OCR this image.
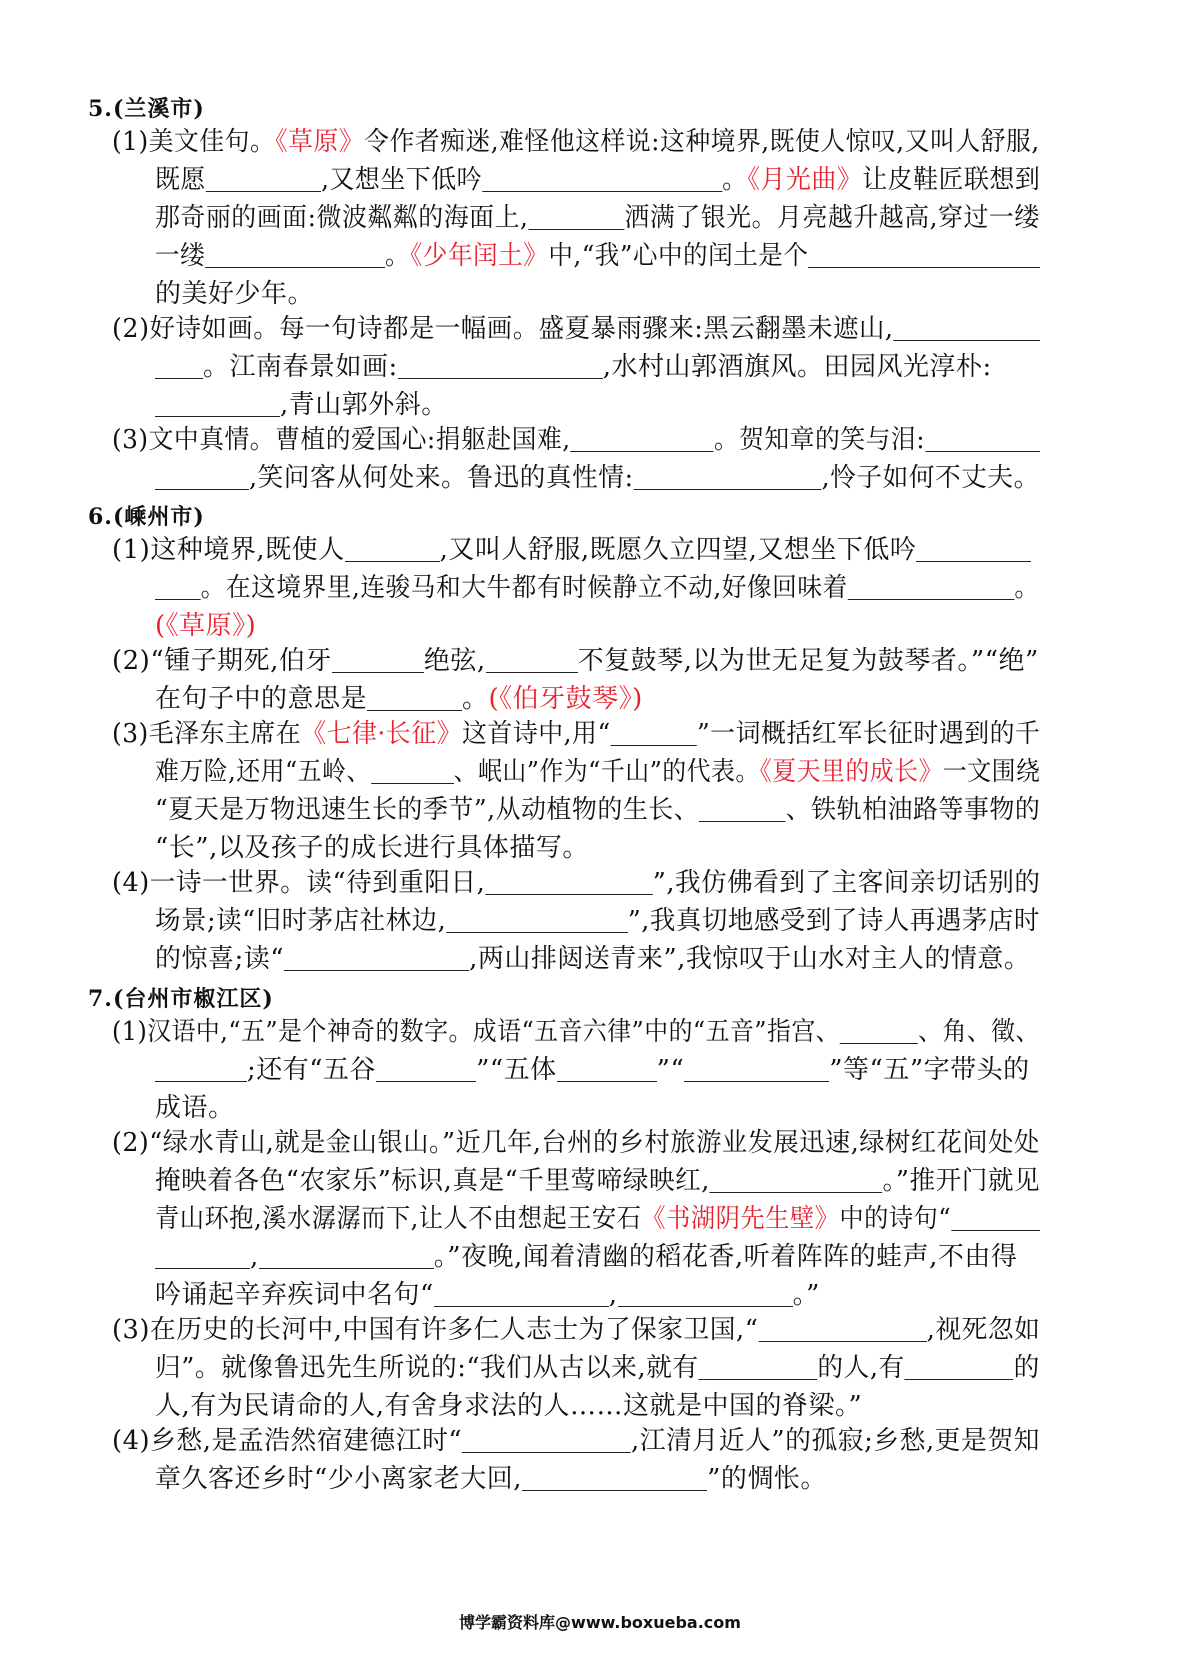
5.(兰溪市)
(1)美文佳句。《草原》令作者痴迷,难怪他这样说:这种境界,既使人惊叹,又叫人舒服,
既愿	,又想坐下低吟	。《月光曲》让皮鞋匠联想到
那奇丽的画面:微波粼粼的海面上,	洒满了银光。月亮越升越高,穿过一缕
一缕	。《少年闰土》中,“我”心中的闰土是个
的美好少年。
(2)好诗如画。每一句诗都是一幅画。盛夏暴雨骤来:黑云翻墨未遮山,
。江南春景如画:	,水村山郭酒旗风。田园风光淳朴:
,青山郭外斜。
(3)文中真情。曹植的爱国心:捐躯赴国难,	。贺知章的笑与泪:
,笑问客从何处来。鲁迅的真性情:	,怜子如何不丈夫。
6.(嵊州市)
(1)这种境界,既使人	,又叫人舒服,既愿久立四望,又想坐下低吟
。在这境界里,连骏马和大牛都有时候静立不动,好像回味着	。
(《草原》)
(2)“锺子期死,伯牙	绝弦,	不复鼓琴,以为世无足复为鼓琴者。”“绝”
在句子中的意思是	。(《伯牙鼓琴》)
(3)毛泽东主席在《七律·长征》这首诗中,用“	”一词概括红军长征时遇到的千
难万险,还用“五岭、	、岷山”作为“千山”的代表。《夏天里的成长》一文围绕
“夏天是万物迅速生长的季节”,从动植物的生长、	、铁轨柏油路等事物的
“长”,以及孩子的成长进行具体描写。
(4)一诗一世界。读“待到重阳日,	”,我仿佛看到了主客间亲切话别的
场景;读“旧时茅店社林边,	”,我真切地感受到了诗人再遇茅店时
的惊喜;读“	,两山排闼送青来”,我惊叹于山水对主人的情意。
7.(台州市椒江区)
(1)汉语中,“五”是个神奇的数字。成语“五音六律”中的“五音”指宫、	、角、徵、
;还有“五谷	”“五体	”“	”等“五”字带头的
成语。
(2)“绿水青山,就是金山银山。”近几年,台州的乡村旅游业发展迅速,绿树红花间处处
掩映着各色“农家乐”标识,真是“千里莺啼绿映红,	。”推开门就见
青山环抱,溪水潺潺而下,让人不由想起王安石《书湖阴先生壁》中的诗句“
,	。”夜晚,闻着清幽的稻花香,听着阵阵的蛙声,不由得
吟诵起辛弃疾词中名句“	,	。”
(3)在历史的长河中,中国有许多仁人志士为了保家卫国,“	,视死忽如
归”。就像鲁迅先生所说的:“我们从古以来,就有	的人,有	的
人,有为民请命的人,有舍身求法的人……这就是中国的脊梁。”
(4)乡愁,是孟浩然宿建德江时“	,江清月近人”的孤寂;乡愁,更是贺知
章久客还乡时“少小离家老大回,	”的惆怅。
博学霸资料库@www.boxueba.com
